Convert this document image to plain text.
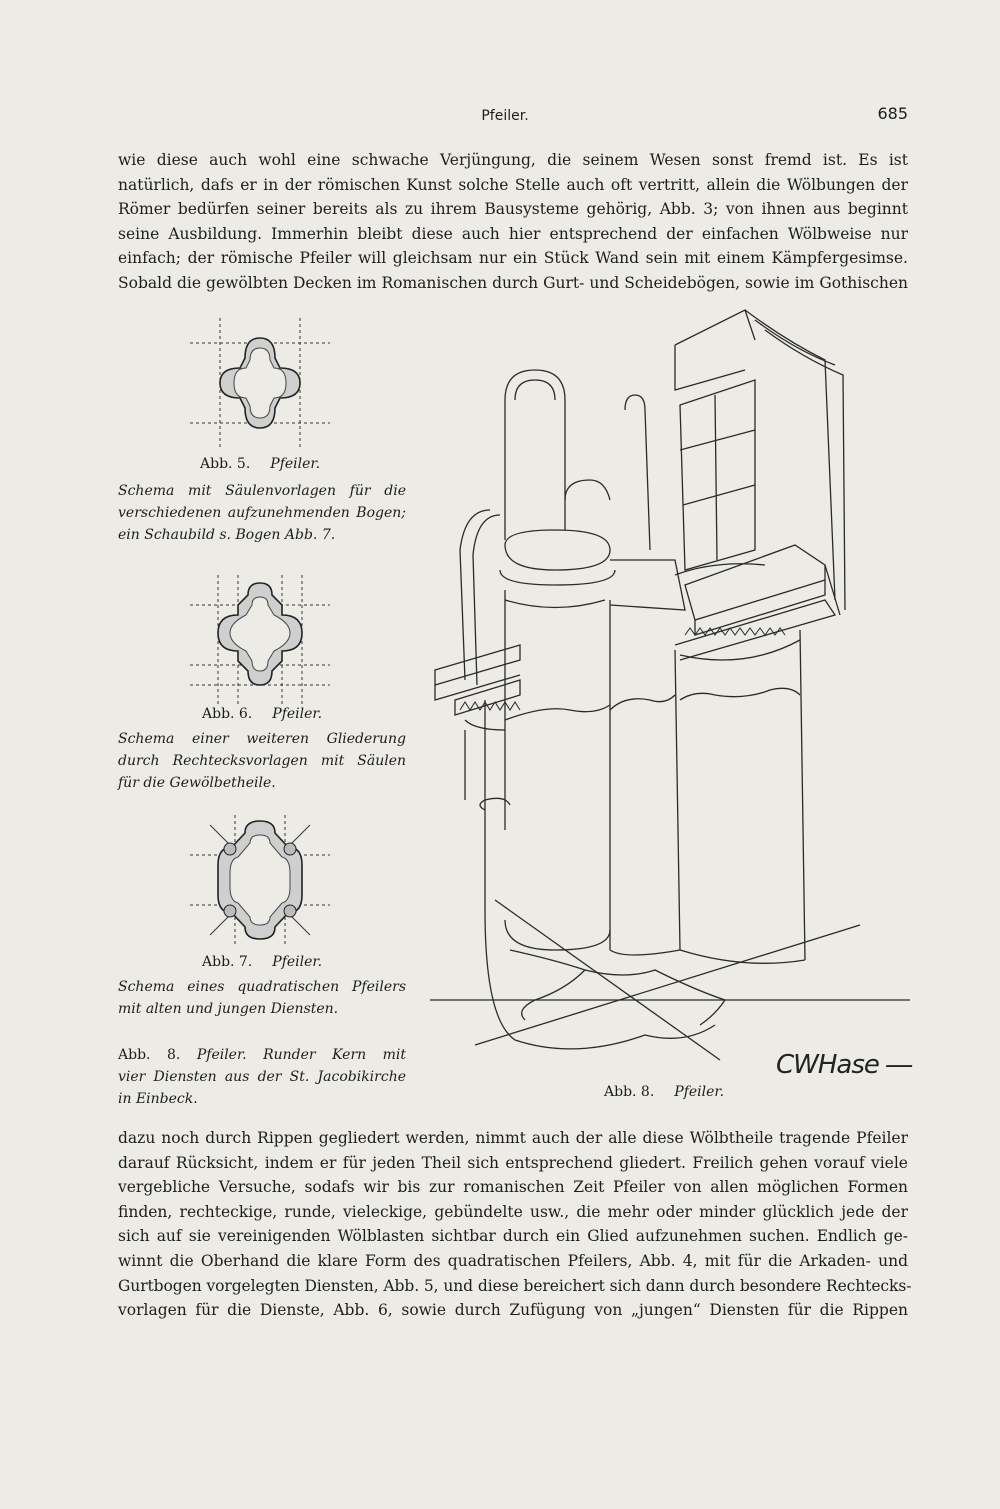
Pfeiler.	685
wie diese auch wohl eine schwache Verjüngung, die seinem Wesen sonst fremd ist. Es ist
natürlich, dafs er in der römischen Kunst solche Stelle auch oft vertritt, allein die Wölbungen der
Römer bedürfen seiner bereits als zu ihrem Bausysteme gehörig, Abb. 3; von ihnen aus beginnt
seine Ausbildung. Immerhin bleibt diese auch hier entsprechend der einfachen Wölbweise nur
einfach; der römische Pfeiler will gleichsam nur ein Stück Wand sein mit einem Kämpfergesimse.
Sobald die gewölbten Decken im Romanischen durch Gurt- und Scheidebögen, sowie im Gothischen
Abb. 5. Pfeiler.
Schema mit Säulenvorlagen für die
verschiedenen aufzunehmenden Bogen;
ein Schaubild s. Bogen Abb. 7.
Abb. 6. Pfeiler.
Schema einer weiteren Gliederung
durch Rechtecksvorlagen mit Säulen
für die Gewölbetheile.
Abb. 7. Pfeiler.
Schema eines quadratischen Pfeilers
mit alten und jungen Diensten.
Abb. 8. Pfeiler. Runder Kern mit
vier Diensten aus der St. Jacobikirche
in Einbeck.	Abb. 8. Pfeiler.
CWHase ―
dazu noch durch Rippen gegliedert werden, nimmt auch der alle diese Wölbtheile tragende Pfeiler
darauf Rücksicht, indem er für jeden Theil sich entsprechend gliedert. Freilich gehen vorauf viele
vergebliche Versuche, sodafs wir bis zur romanischen Zeit Pfeiler von allen möglichen Formen
finden, rechteckige, runde, vieleckige, gebündelte usw., die mehr oder minder glücklich jede der
sich auf sie vereinigenden Wölblasten sichtbar durch ein Glied aufzunehmen suchen. Endlich ge-
winnt die Oberhand die klare Form des quadratischen Pfeilers, Abb. 4, mit für die Arkaden- und
Gurtbogen vorgelegten Diensten, Abb. 5, und diese bereichert sich dann durch besondere Rechtecks-
vorlagen für die Dienste, Abb. 6, sowie durch Zufügung von „jungen“ Diensten für die Rippen
